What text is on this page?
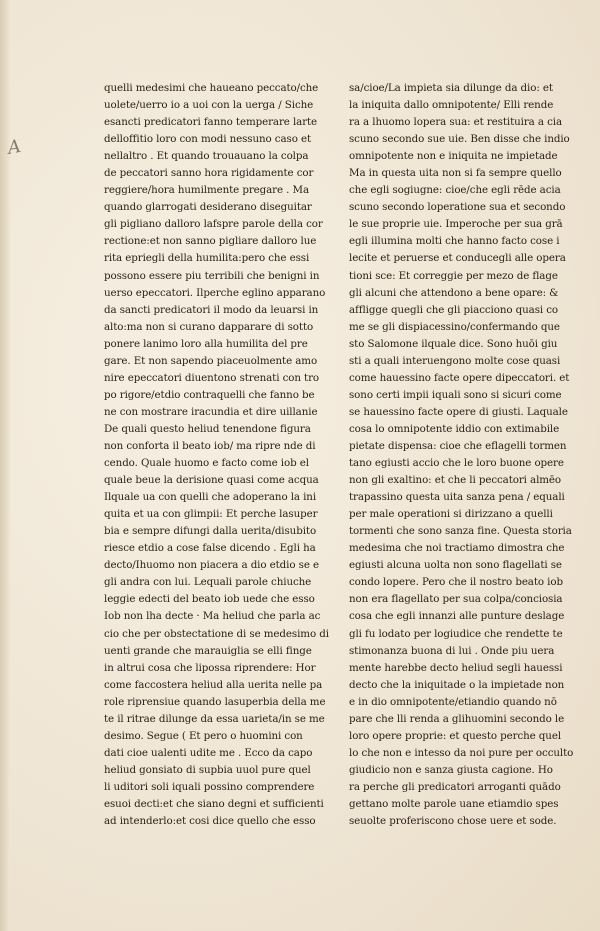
A
quelli medesimi che haueano peccato/che
uolete/uerro io a uoi con la uerga / Siche
esancti predicatori fanno temperare larte
delloffitio loro con modi nessuno caso et
nellaltro . Et quando trouauano la colpa
de peccatori sanno hora rigidamente cor
reggiere/hora humilmente pregare . Ma
quando glarrogati desiderano diseguitar
gli pigliano dalloro lafspre parole della cor
rectione:et non sanno pigliare dalloro lue
rita epriegli della humilita:pero che essi
possono essere piu terribili che benigni in
uerso epeccatori. Ilperche eglino apparano
da sancti predicatori il modo da leuarsi in
alto:ma non si curano dapparare di sotto
ponere lanimo loro alla humilita del pre
gare. Et non sapendo piaceuolmente amo
nire epeccatori diuentono strenati con tro
po rigore/etdio contraquelli che fanno be
ne con mostrare iracundia et dire uillanie
De quali questo heliud tenendone figura
non conforta il beato iob/ ma ripre nde di
cendo. Quale huomo e facto come iob el
quale beue la derisione quasi come acqua
Ilquale ua con quelli che adoperano la ini
quita et ua con glimpii: Et perche lasuper
bia e sempre difungi dalla uerita/disubito
riesce etdio a cose false dicendo . Egli ha
decto/Ihuomo non piacera a dio etdio se e
gli andra con lui. Lequali parole chiuche
leggie edecti del beato iob uede che esso
Iob non lha decte · Ma heliud che parla ac
cio che per obstectatione di se medesimo di
uenti grande che marauiglia se elli finge
in altrui cosa che lipossa riprendere: Hor
come faccostera heliud alla uerita nelle pa
role riprensiue quando lasuperbia della me
te il ritrae dilunge da essa uarieta/in se me
desimo. Segue ( Et pero o huomini con
dati cioe ualenti udite me . Ecco da capo
heliud gonsiato di supbia uuol pure quel
li uditori soli iquali possino comprendere
esuoi decti:et che siano degni et sufficienti
ad intenderlo:et cosi dice quello che esso
sa/cioe/La impieta sia dilunge da dio: et
la iniquita dallo omnipotente/ Elli rende
ra a lhuomo lopera sua: et restituira a cia
scuno secondo sue uie. Ben disse che indio
omnipotente non e iniquita ne impietade
Ma in questa uita non si fa sempre quello
che egli sogiugne: cioe/che egli rēde acia
scuno secondo loperatione sua et secondo
le sue proprie uie. Imperoche per sua grā
egli illumina molti che hanno facto cose i
lecite et peruerse et conducegli alle opera
tioni sce: Et correggie per mezo de flage
gli alcuni che attendono a bene opare: &
affligge quegli che gli piacciono quasi co
me se gli dispiacessino/confermando que
sto Salomone ilquale dice. Sono huōi giu
sti a quali interuengono molte cose quasi
come hauessino facte opere dipeccatori. et
sono certi impii iquali sono si sicuri come
se hauessino facte opere di giusti. Laquale
cosa lo omnipotente iddio con extimabile
pietate dispensa: cioe che eflagelli tormen
tano egiusti accio che le loro buone opere
non gli exaltino: et che li peccatori almēo
trapassino questa uita sanza pena / equali
per male operationi si dirizzano a quelli
tormenti che sono sanza fine. Questa storia
medesima che noi tractiamo dimostra che
egiusti alcuna uolta non sono flagellati se
condo lopere. Pero che il nostro beato iob
non era flagellato per sua colpa/conciosia
cosa che egli innanzi alle punture deslage
gli fu lodato per logiudice che rendette te
stimonanza buona di lui . Onde piu uera
mente harebbe decto heliud segli hauessi
decto che la iniquitade o la impietade non
e in dio omnipotente/etiandio quando nō
pare che lli renda a glihuomini secondo le
loro opere proprie: et questo perche quel
lo che non e intesso da noi pure per occulto
giudicio non e sanza giusta cagione. Ho
ra perche gli predicatori arroganti quādo
gettano molte parole uane etiamdio spes
seuolte proferiscono chose uere et sode.
